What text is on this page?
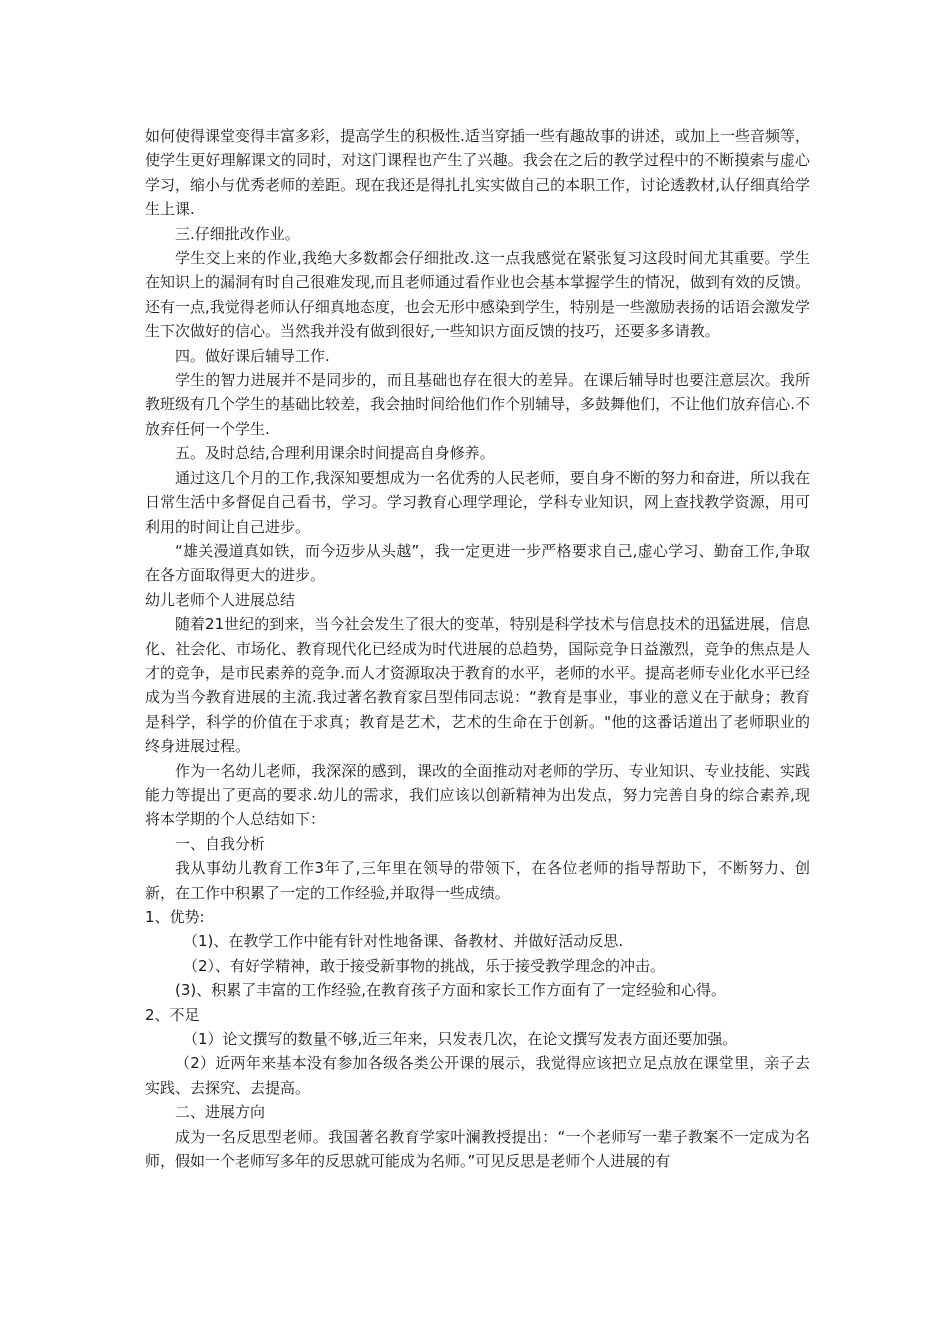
如何使得课堂变得丰富多彩，提高学生的积极性.适当穿插一些有趣故事的讲述，或加上一些音频等，使学生更好理解课文的同时，对这门课程也产生了兴趣。我会在之后的教学过程中的不断摸索与虚心学习，缩小与优秀老师的差距。现在我还是得扎扎实实做自己的本职工作，讨论透教材,认仔细真给学生上课.

三.仔细批改作业。

学生交上来的作业,我绝大多数都会仔细批改.这一点我感觉在紧张复习这段时间尤其重要。学生在知识上的漏洞有时自己很难发现,而且老师通过看作业也会基本掌握学生的情况，做到有效的反馈。还有一点,我觉得老师认仔细真地态度，也会无形中感染到学生，特别是一些激励表扬的话语会激发学生下次做好的信心。当然我并没有做到很好,一些知识方面反馈的技巧，还要多多请教。

四。做好课后辅导工作.

学生的智力进展并不是同步的，而且基础也存在很大的差异。在课后辅导时也要注意层次。我所教班级有几个学生的基础比较差，我会抽时间给他们作个别辅导，多鼓舞他们，不让他们放弃信心.不放弃任何一个学生.

五。及时总结,合理利用课余时间提高自身修养。

通过这几个月的工作,我深知要想成为一名优秀的人民老师，要自身不断的努力和奋进，所以我在日常生活中多督促自己看书，学习。学习教育心理学理论，学科专业知识，网上查找教学资源，用可利用的时间让自己进步。

“雄关漫道真如铁，而今迈步从头越”，我一定更进一步严格要求自己,虚心学习、勤奋工作,争取在各方面取得更大的进步。

幼儿老师个人进展总结

随着21世纪的到来，当今社会发生了很大的变革，特别是科学技术与信息技术的迅猛进展，信息化、社会化、市场化、教育现代化已经成为时代进展的总趋势，国际竞争日益激烈，竞争的焦点是人才的竞争，是市民素养的竞争.而人才资源取决于教育的水平，老师的水平。提高老师专业化水平已经成为当今教育进展的主流.我过著名教育家吕型伟同志说：“教育是事业，事业的意义在于献身；教育是科学，科学的价值在于求真；教育是艺术，艺术的生命在于创新。"他的这番话道出了老师职业的终身进展过程。

作为一名幼儿老师，我深深的感到，课改的全面推动对老师的学历、专业知识、专业技能、实践能力等提出了更高的要求.幼儿的需求，我们应该以创新精神为出发点，努力完善自身的综合素养,现将本学期的个人总结如下：

一、自我分析

我从事幼儿教育工作3年了,三年里在领导的带领下，在各位老师的指导帮助下，不断努力、创新，在工作中积累了一定的工作经验,并取得一些成绩。

1、优势:

（1)、在教学工作中能有针对性地备课、备教材、并做好活动反思.

（2）、有好学精神，敢于接受新事物的挑战，乐于接受教学理念的冲击。

(3)、积累了丰富的工作经验,在教育孩子方面和家长工作方面有了一定经验和心得。

2、不足

（1）论文撰写的数量不够,近三年来，只发表几次，在论文撰写发表方面还要加强。

（2）近两年来基本没有参加各级各类公开课的展示，我觉得应该把立足点放在课堂里，亲子去实践、去探究、去提高。

二、进展方向

成为一名反思型老师。我国著名教育学家叶澜教授提出：“一个老师写一辈子教案不一定成为名师，假如一个老师写多年的反思就可能成为名师。”可见反思是老师个人进展的有
